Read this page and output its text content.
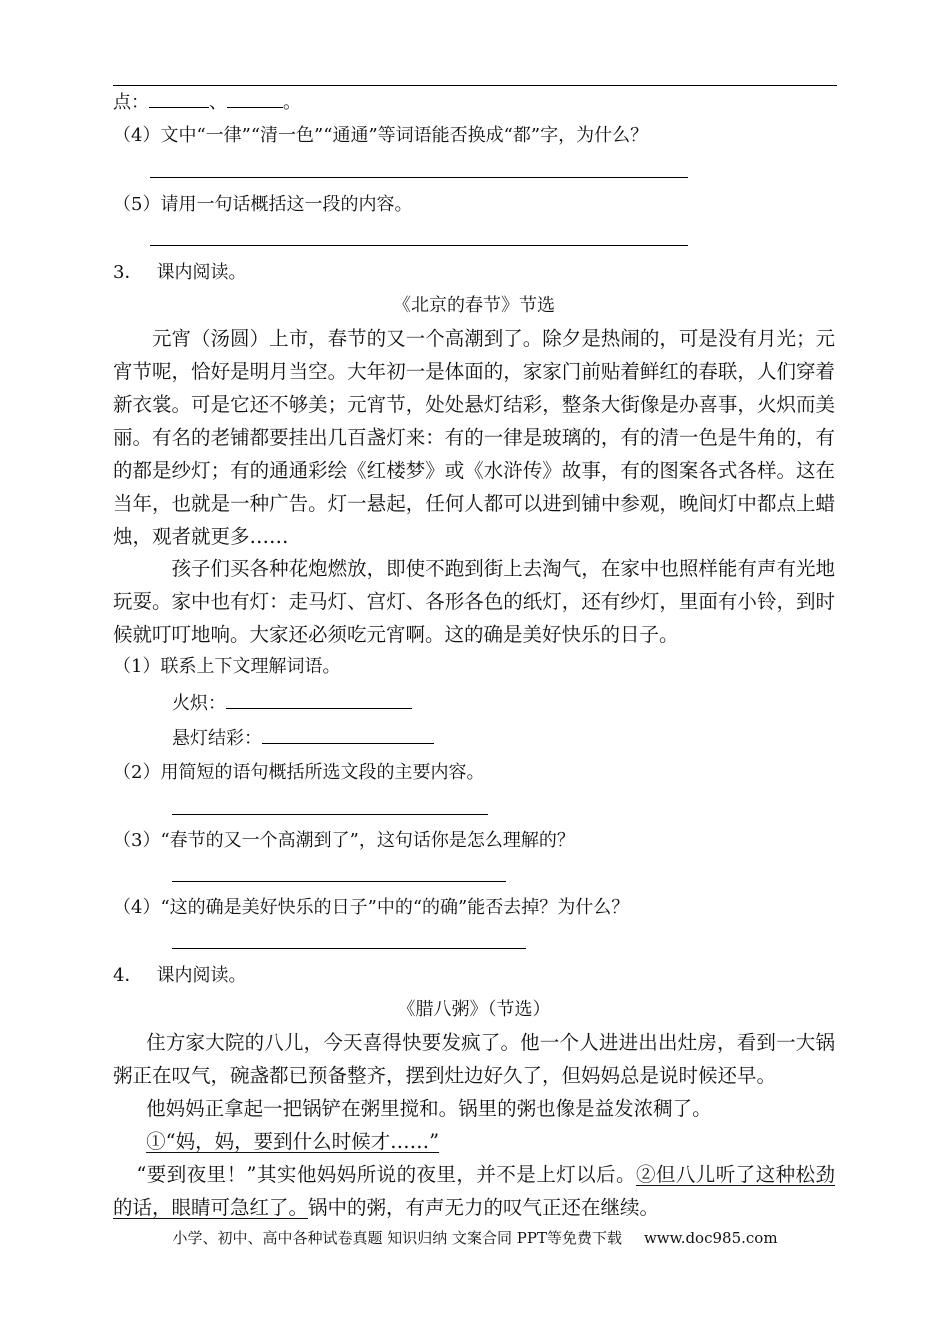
点：	、	。
（4）文中“一律”“清一色”“通通”等词语能否换成“都”字，为什么？
（5）请用一句话概括这一段的内容。
3． 课内阅读。
《北京的春节》节选
元宵（汤圆）上市，春节的又一个高潮到了。除夕是热闹的，可是没有月光；元宵节呢，恰好是明月当空。大年初一是体面的，家家门前贴着鲜红的春联，人们穿着新衣裳。可是它还不够美；元宵节，处处悬灯结彩，整条大街像是办喜事，火炽而美丽。有名的老铺都要挂出几百盏灯来：有的一律是玻璃的，有的清一色是牛角的，有的都是纱灯；有的通通彩绘《红楼梦》或《水浒传》故事，有的图案各式各样。这在当年，也就是一种广告。灯一悬起，任何人都可以进到铺中参观，晚间灯中都点上蜡烛，观者就更多……
孩子们买各种花炮燃放，即使不跑到街上去淘气，在家中也照样能有声有光地玩耍。家中也有灯：走马灯、宫灯、各形各色的纸灯，还有纱灯，里面有小铃，到时候就叮叮地响。大家还必须吃元宵啊。这的确是美好快乐的日子。
（1）联系上下文理解词语。
火炽：
悬灯结彩：
（2）用简短的语句概括所选文段的主要内容。
（3）“春节的又一个高潮到了”，这句话你是怎么理解的？
（4）“这的确是美好快乐的日子”中的“的确”能否去掉？为什么？
4． 课内阅读。
《腊八粥》（节选）
住方家大院的八儿，今天喜得快要发疯了。他一个人进进出出灶房，看到一大锅粥正在叹气，碗盏都已预备整齐，摆到灶边好久了，但妈妈总是说时候还早。
他妈妈正拿起一把锅铲在粥里搅和。锅里的粥也像是益发浓稠了。
①“妈，妈，要到什么时候才……”
“要到夜里！”其实他妈妈所说的夜里，并不是上灯以后。②但八儿听了这种松劲的话，眼睛可急红了。锅中的粥，有声无力的叹气正还在继续。
小学、初中、高中各种试卷真题 知识归纳 文案合同 PPT等免费下载 www.doc985.com
